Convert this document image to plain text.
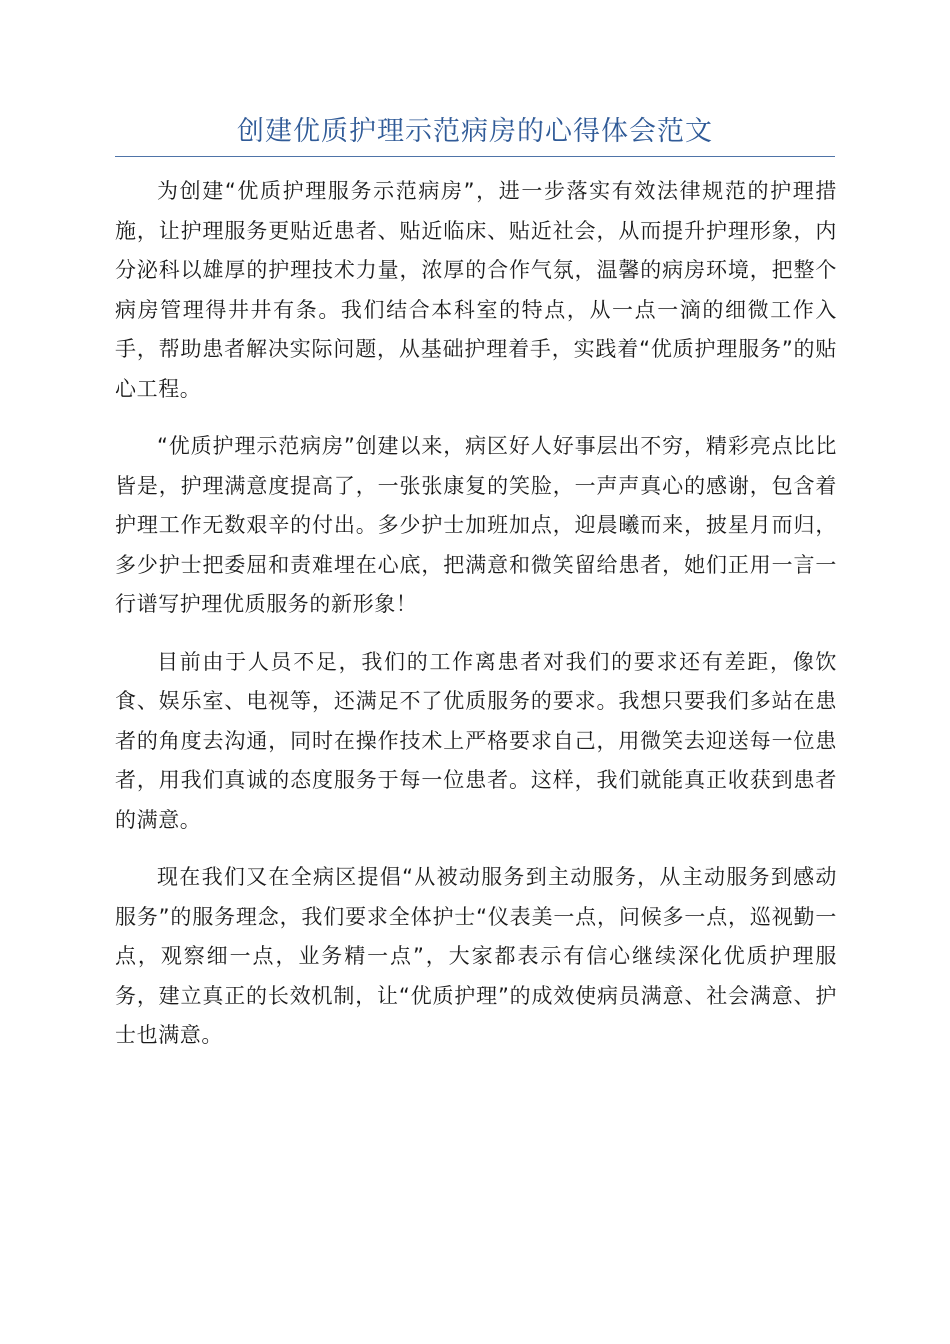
创建优质护理示范病房的心得体会范文

为创建“优质护理服务示范病房”，进一步落实有效法律规范的护理措施，让护理服务更贴近患者、贴近临床、贴近社会，从而提升护理形象，内分泌科以雄厚的护理技术力量，浓厚的合作气氛，温馨的病房环境，把整个病房管理得井井有条。我们结合本科室的特点，从一点一滴的细微工作入手，帮助患者解决实际问题，从基础护理着手，实践着“优质护理服务”的贴心工程。

“优质护理示范病房”创建以来，病区好人好事层出不穷，精彩亮点比比皆是，护理满意度提高了，一张张康复的笑脸，一声声真心的感谢，包含着护理工作无数艰辛的付出。多少护士加班加点，迎晨曦而来，披星月而归，多少护士把委屈和责难埋在心底，把满意和微笑留给患者，她们正用一言一行谱写护理优质服务的新形象！

目前由于人员不足，我们的工作离患者对我们的要求还有差距，像饮食、娱乐室、电视等，还满足不了优质服务的要求。我想只要我们多站在患者的角度去沟通，同时在操作技术上严格要求自己，用微笑去迎送每一位患者，用我们真诚的态度服务于每一位患者。这样，我们就能真正收获到患者的满意。

现在我们又在全病区提倡“从被动服务到主动服务，从主动服务到感动服务”的服务理念，我们要求全体护士“仪表美一点，问候多一点，巡视勤一点，观察细一点，业务精一点”，大家都表示有信心继续深化优质护理服务，建立真正的长效机制，让“优质护理”的成效使病员满意、社会满意、护士也满意。
